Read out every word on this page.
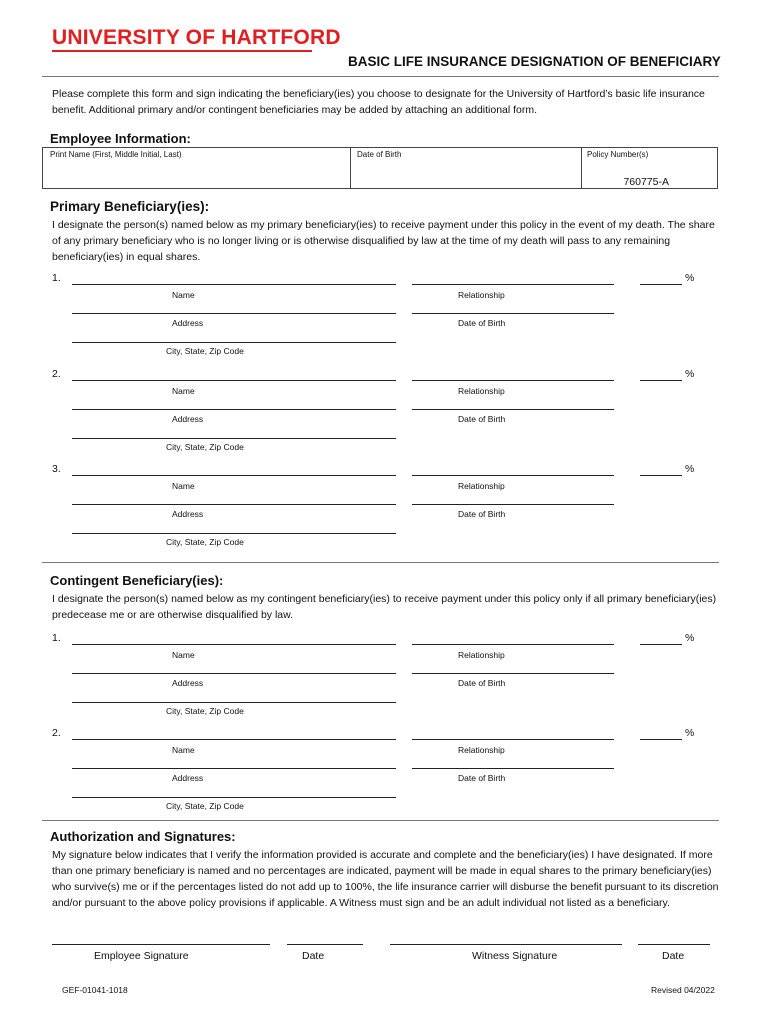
UNIVERSITY OF HARTFORD
BASIC LIFE INSURANCE DESIGNATION OF BENEFICIARY
Please complete this form and sign indicating the beneficiary(ies) you choose to designate for the University of Hartford’s basic life insurance benefit. Additional primary and/or contingent beneficiaries may be added by attaching an additional form.
Employee Information:
Print Name (First, Middle Initial, Last)	Date of Birth	Policy Number(s)
760775-A
Primary Beneficiary(ies):
I designate the person(s) named below as my primary beneficiary(ies) to receive payment under this policy in the event of my death. The share of any primary beneficiary who is no longer living or is otherwise disqualified by law at the time of my death will pass to any remaining beneficiary(ies) in equal shares.
1.	%
Name	Relationship
Address	Date of Birth
City, State, Zip Code
2.	%
Name	Relationship
Address	Date of Birth
City, State, Zip Code
3.	%
Name	Relationship
Address	Date of Birth
City, State, Zip Code
Contingent Beneficiary(ies):
I designate the person(s) named below as my contingent beneficiary(ies) to receive payment under this policy only if all primary beneficiary(ies) predecease me or are otherwise disqualified by law.
1.	%
Name	Relationship
Address	Date of Birth
City, State, Zip Code
2.	%
Name	Relationship
Address	Date of Birth
City, State, Zip Code
Authorization and Signatures:
My signature below indicates that I verify the information provided is accurate and complete and the beneficiary(ies) I have designated. If more than one primary beneficiary is named and no percentages are indicated, payment will be made in equal shares to the primary beneficiary(ies) who survive(s) me or if the percentages listed do not add up to 100%, the life insurance carrier will disburse the benefit pursuant to its discretion and/or pursuant to the above policy provisions if applicable. A Witness must sign and be an adult individual not listed as a beneficiary.
Employee Signature	Date	Witness Signature	Date
GEF-01041-1018	Revised 04/2022
